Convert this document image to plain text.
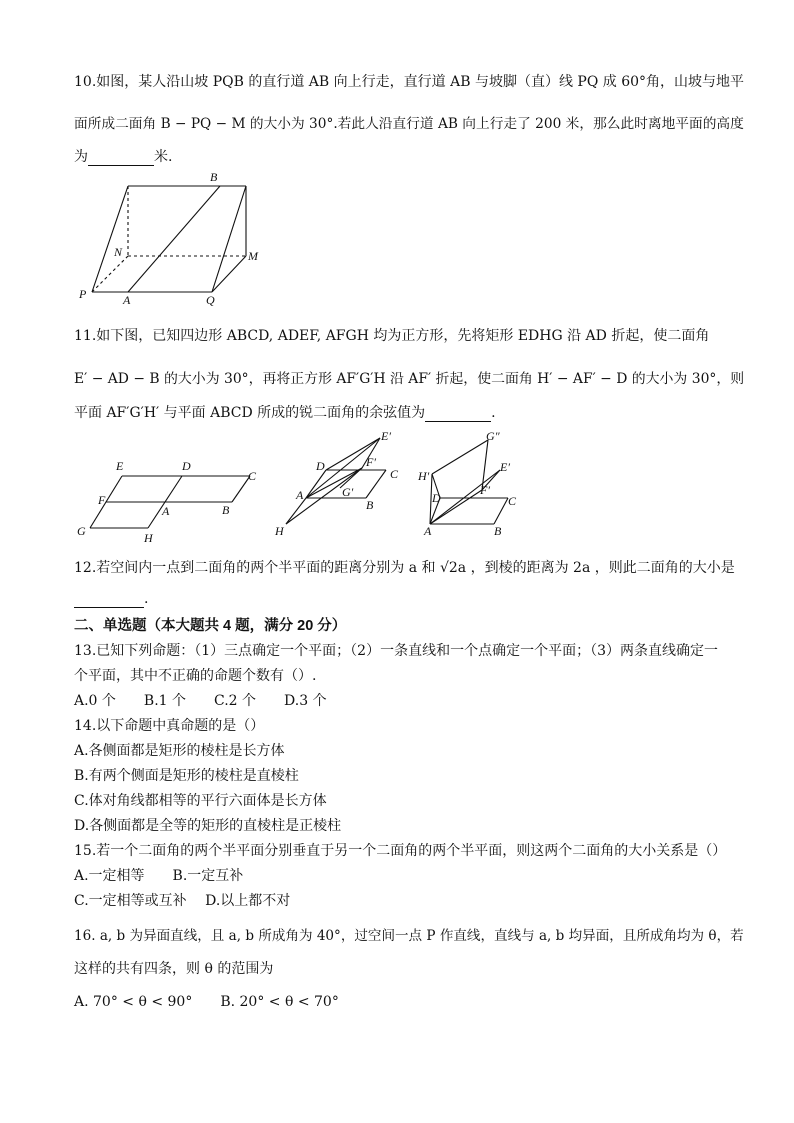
10.如图，某人沿山坡 PQB 的直行道 AB 向上行走，直行道 AB 与坡脚（直）线 PQ 成 60°角，山坡与地平
面所成二面角 B − PQ − M 的大小为 30°.若此人沿直行道 AB 向上行走了 200 米，那么此时离地平面的高度
为	米.
B
N	M
P	A	Q
11.如下图，已知四边形 ABCD, ADEF, AFGH 均为正方形，先将矩形 EDHG 沿 AD 折起，使二面角
E′ − AD − B 的大小为 30°，再将正方形 AF′G′H 沿 AF′ 折起，使二面角 H′ − AF′ − D 的大小为 30°，则
平面 AF′G′H′ 与平面 ABCD 所成的锐二面角的余弦值为	.
E	D
C
F
A	B
G	H
E′
D	F′
C
A	G′
B
H
G″
H′
E′
D
F′
C
A	B
12.若空间内一点到二面角的两个半平面的距离分别为 a 和 √2a ，到棱的距离为 2a ，则此二面角的大小是
.
二、单选题（本大题共 4 题，满分 20 分）
13.已知下列命题：（1）三点确定一个平面；（2）一条直线和一个点确定一个平面；（3）两条直线确定一
个平面，其中不正确的命题个数有（）.
A.0 个　　B.1 个　　C.2 个　　D.3 个
14.以下命题中真命题的是（）
A.各侧面都是矩形的棱柱是长方体
B.有两个侧面是矩形的棱柱是直棱柱
C.体对角线都相等的平行六面体是长方体
D.各侧面都是全等的矩形的直棱柱是正棱柱
15.若一个二面角的两个半平面分别垂直于另一个二面角的两个半平面，则这两个二面角的大小关系是（）
A.一定相等　　B.一定互补
C.一定相等或互补　 D.以上都不对
16. a, b 为异面直线，且 a, b 所成角为 40°，过空间一点 P 作直线，直线与 a, b 均异面，且所成角均为 θ，若
这样的共有四条，则 θ 的范围为
A. 70° < θ < 90°　　B. 20° < θ < 70°
